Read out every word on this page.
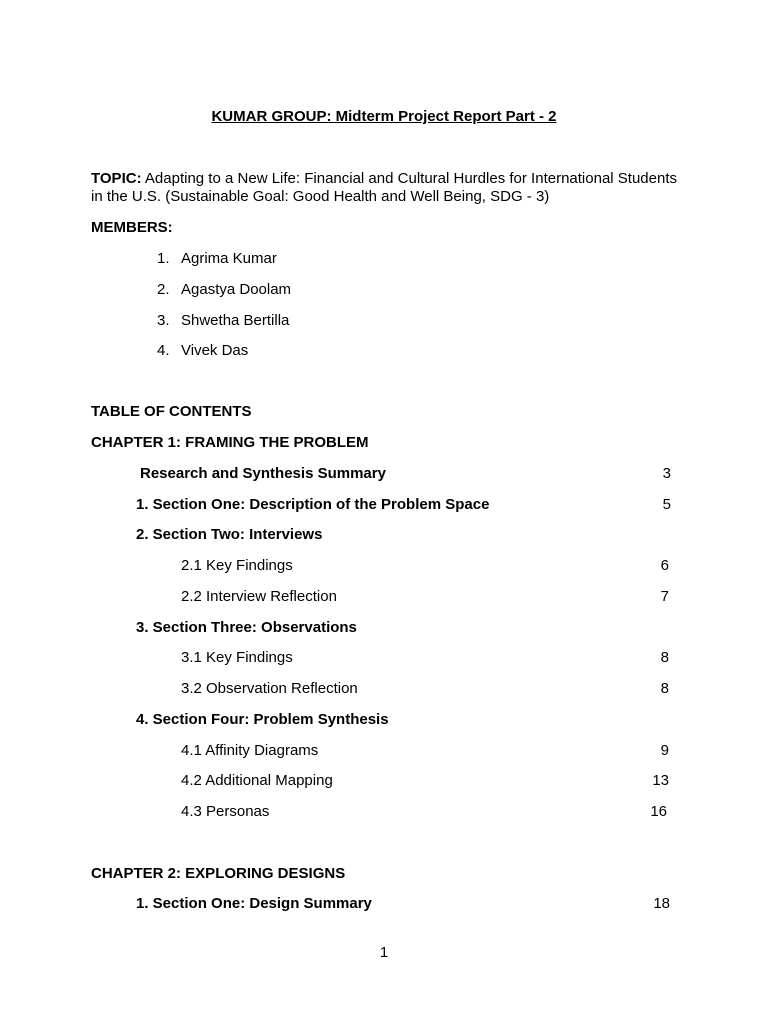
KUMAR GROUP: Midterm Project Report Part - 2
TOPIC: Adapting to a New Life: Financial and Cultural Hurdles for International Students in the U.S. (Sustainable Goal: Good Health and Well Being, SDG - 3)
MEMBERS:
1. Agrima Kumar
2. Agastya Doolam
3. Shwetha Bertilla
4. Vivek Das
TABLE OF CONTENTS
CHAPTER 1: FRAMING THE PROBLEM
Research and Synthesis Summary	3
1. Section One: Description of the Problem Space	5
2. Section Two: Interviews
2.1 Key Findings	6
2.2 Interview Reflection	7
3. Section Three: Observations
3.1 Key Findings	8
3.2 Observation Reflection	8
4. Section Four: Problem Synthesis
4.1 Affinity Diagrams	9
4.2 Additional Mapping	13
4.3 Personas	16
CHAPTER 2: EXPLORING DESIGNS
1. Section One: Design Summary	18
1
